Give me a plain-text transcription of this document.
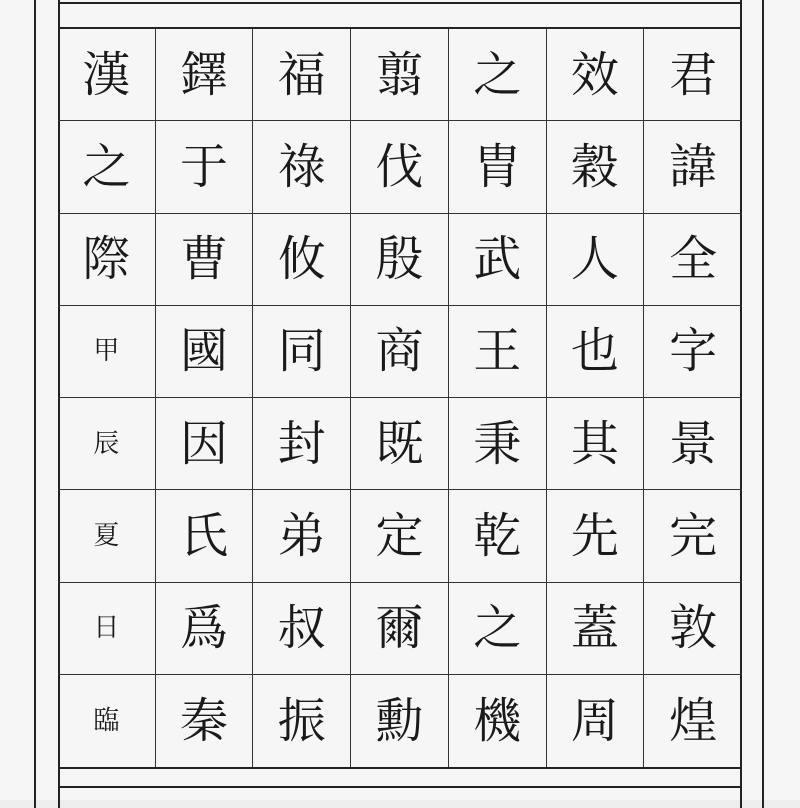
漢 鐸 福 翦 之 效 君
之 于 祿 伐 胄 穀 諱
際 曹 攸 殷 武 人 全
甲 國 同 商 王 也 字
辰 因 封 既 秉 其 景
夏 氏 弟 定 乾 先 完
日 爲 叔 爾 之 蓋 敦
臨 秦 振 勳 機 周 煌
